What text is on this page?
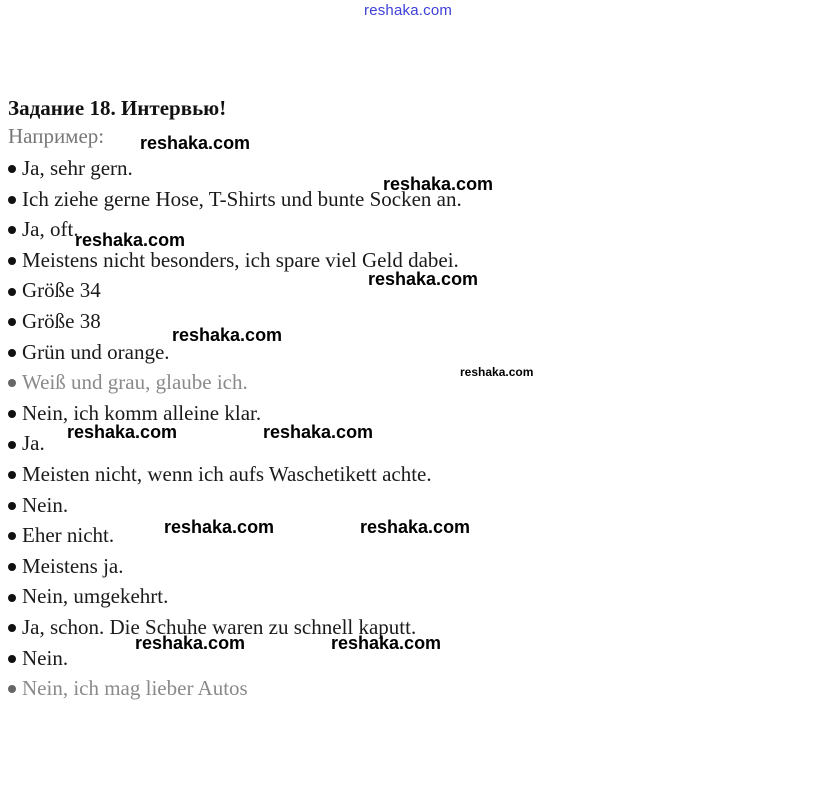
reshaka.com
Задание 18. Интервью!
Например:
Ja, sehr gern.
Ich ziehe gerne Hose, T-Shirts und bunte Socken an.
Ja, oft.
Meistens nicht besonders, ich spare viel Geld dabei.
Größe 34
Größe 38
Grün und orange.
Weiß und grau, glaube ich.
Nein, ich komm alleine klar.
Ja.
Meisten nicht, wenn ich aufs Waschetikett achte.
Nein.
Eher nicht.
Meistens ja.
Nein, umgekehrt.
Ja, schon. Die Schuhe waren zu schnell kaputt.
Nein.
Nein, ich mag lieber Autos
reshaka.com
reshaka.com
reshaka.com
reshaka.com
reshaka.com
reshaka.com
reshaka.com	reshaka.com
reshaka.com	reshaka.com
reshaka.com	reshaka.com
